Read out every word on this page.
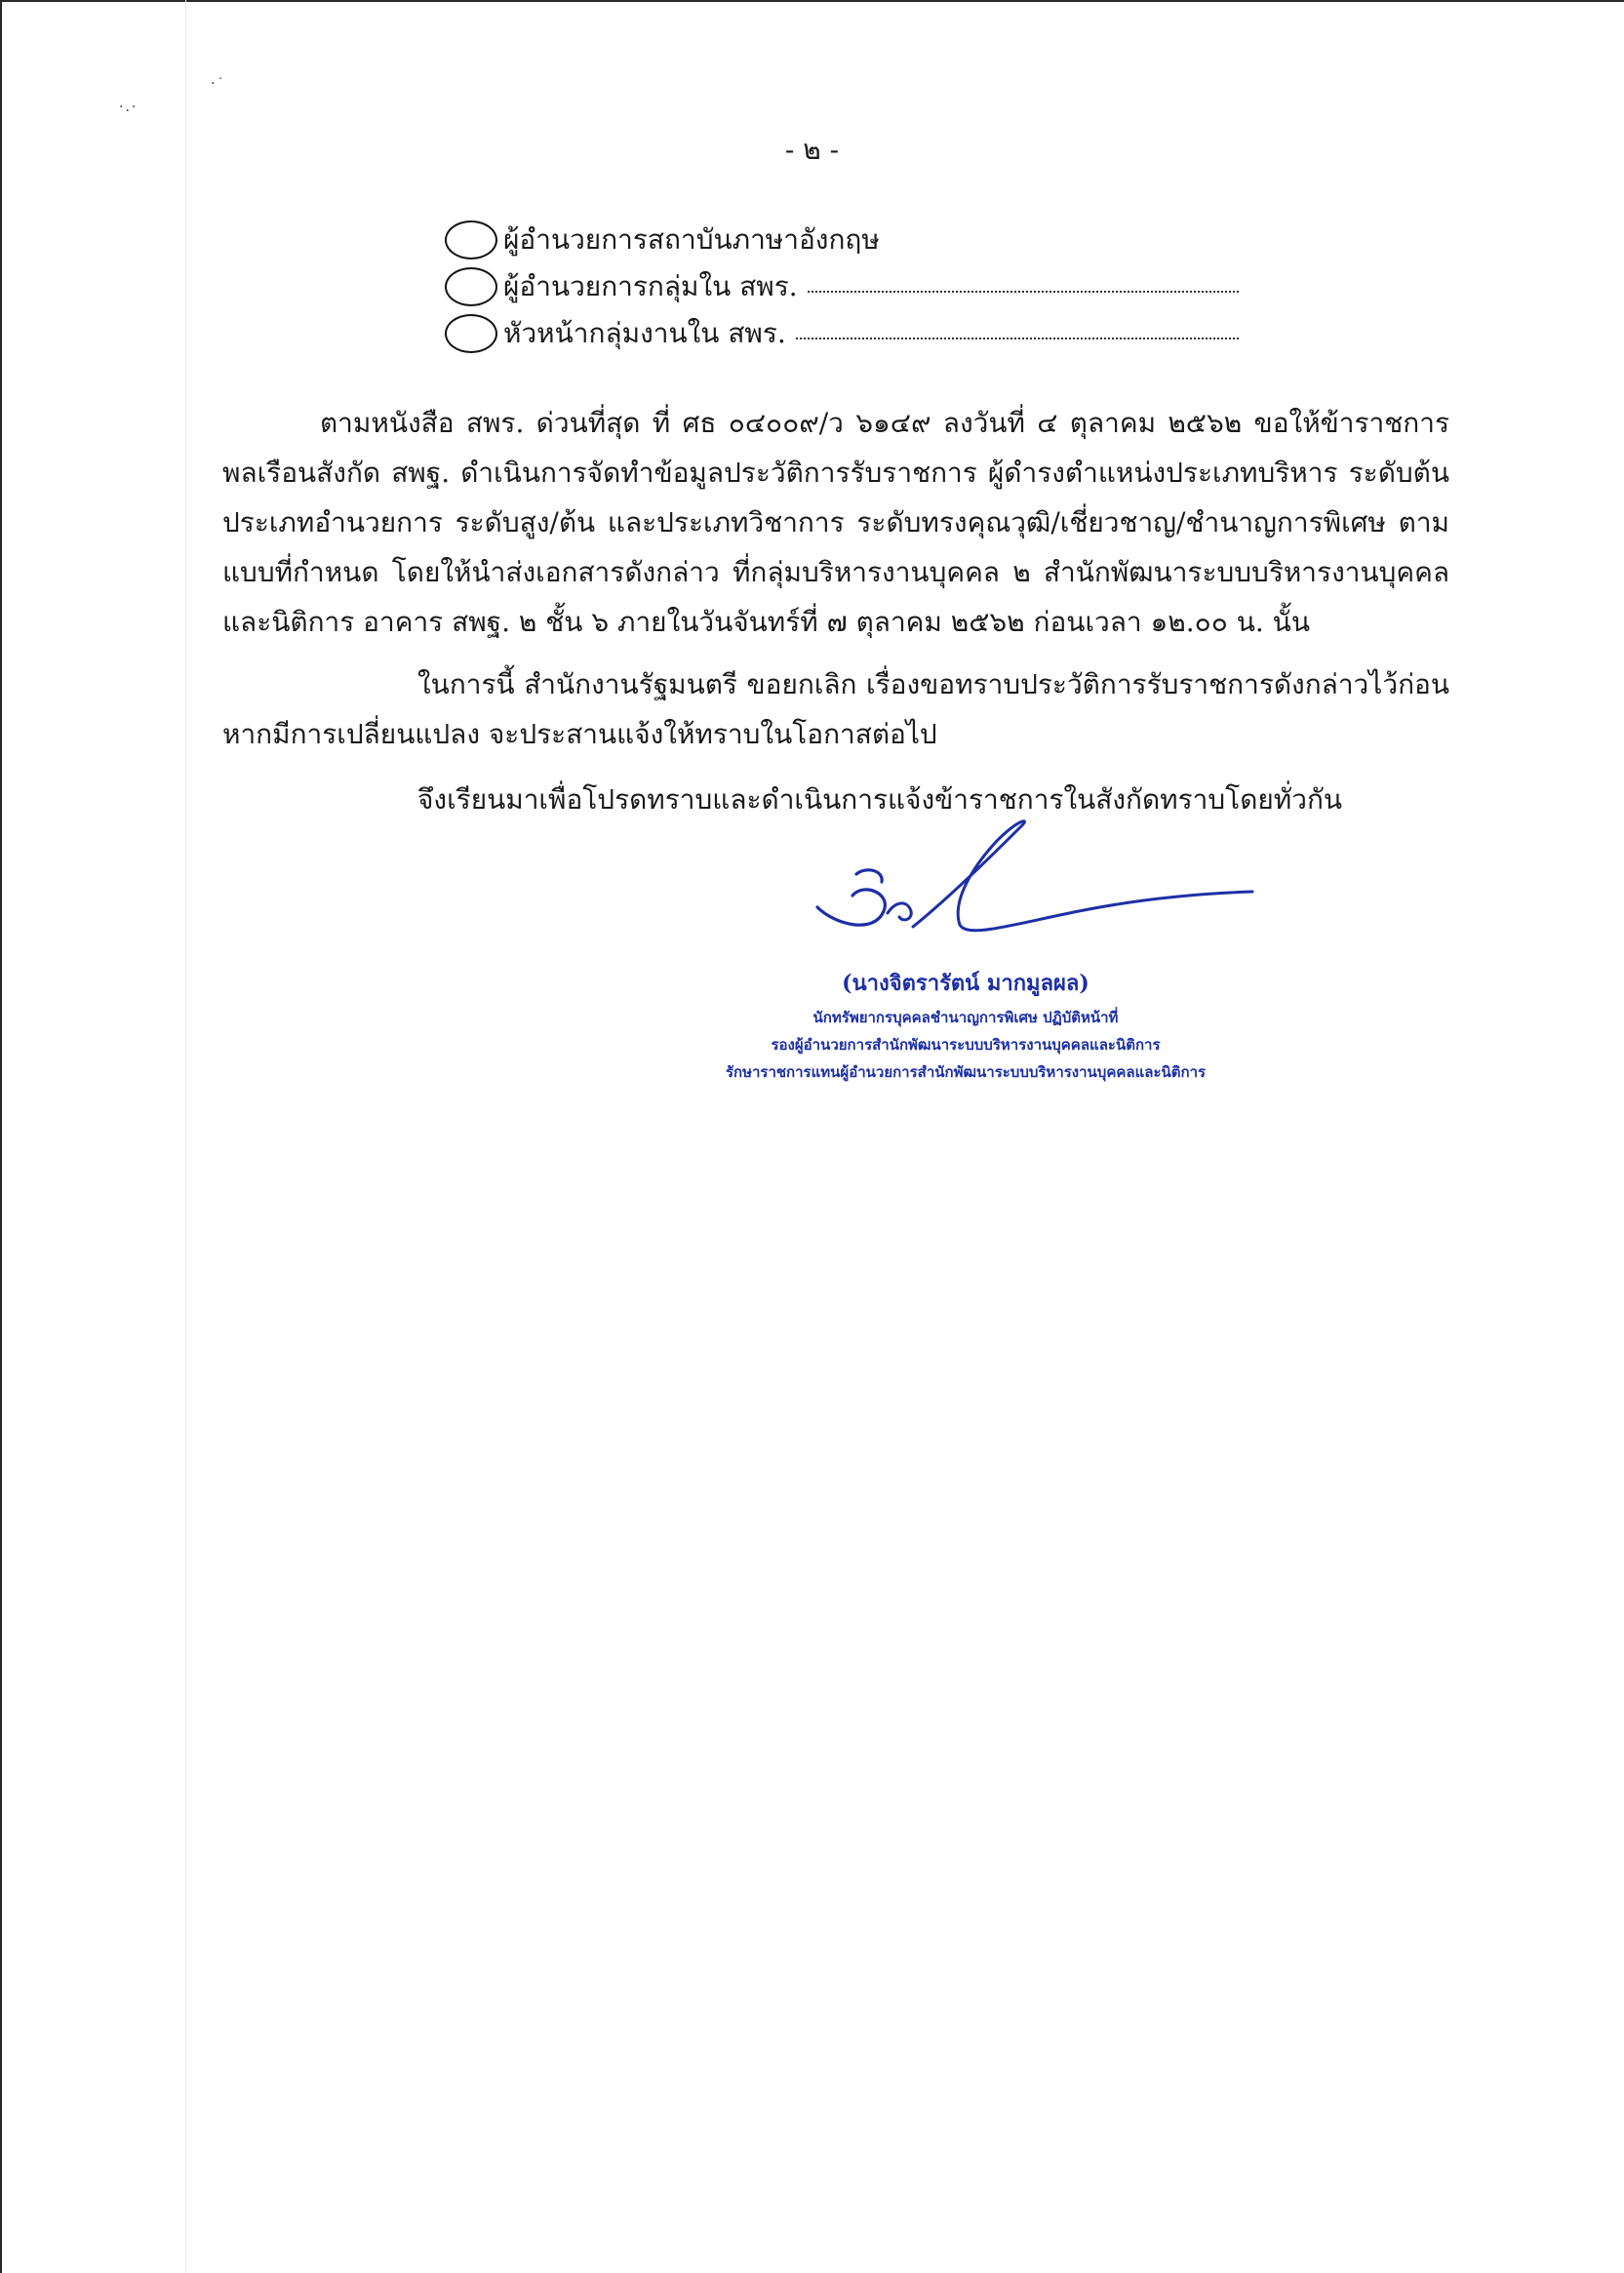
·˙
·.·
- ๒ -
ผู้อำนวยการสถาบันภาษาอังกฤษ
ผู้อำนวยการกลุ่มใน สพร.
หัวหน้ากลุ่มงานใน สพร.

ตามหนังสือ สพร. ด่วนที่สุด ที่ ศธ ๐๔๐๐๙/ว ๖๑๔๙ ลงวันที่ ๔ ตุลาคม ๒๕๖๒ ขอให้ข้าราชการพลเรือนสังกัด สพฐ. ดำเนินการจัดทำข้อมูลประวัติการรับราชการ ผู้ดำรงตำแหน่งประเภทบริหาร ระดับต้น ประเภทอำนวยการ ระดับสูง/ต้น และประเภทวิชาการ ระดับทรงคุณวุฒิ/เชี่ยวชาญ/ชำนาญการพิเศษ ตามแบบที่กำหนด โดยให้นำส่งเอกสารดังกล่าว ที่กลุ่มบริหารงานบุคคล ๒ สำนักพัฒนาระบบบริหารงานบุคคลและนิติการ อาคาร สพฐ. ๒ ชั้น ๖ ภายในวันจันทร์ที่ ๗ ตุลาคม ๒๕๖๒ ก่อนเวลา ๑๒.๐๐ น. นั้น

ในการนี้ สำนักงานรัฐมนตรี ขอยกเลิก เรื่องขอทราบประวัติการรับราชการดังกล่าวไว้ก่อน หากมีการเปลี่ยนแปลง จะประสานแจ้งให้ทราบในโอกาสต่อไป

จึงเรียนมาเพื่อโปรดทราบและดำเนินการแจ้งข้าราชการในสังกัดทราบโดยทั่วกัน

(นางจิตรารัตน์ มากมูลผล)
นักทรัพยากรบุคคลชำนาญการพิเศษ ปฏิบัติหน้าที่
รองผู้อำนวยการสำนักพัฒนาระบบบริหารงานบุคคลและนิติการ
รักษาราชการแทนผู้อำนวยการสำนักพัฒนาระบบบริหารงานบุคคลและนิติการ
